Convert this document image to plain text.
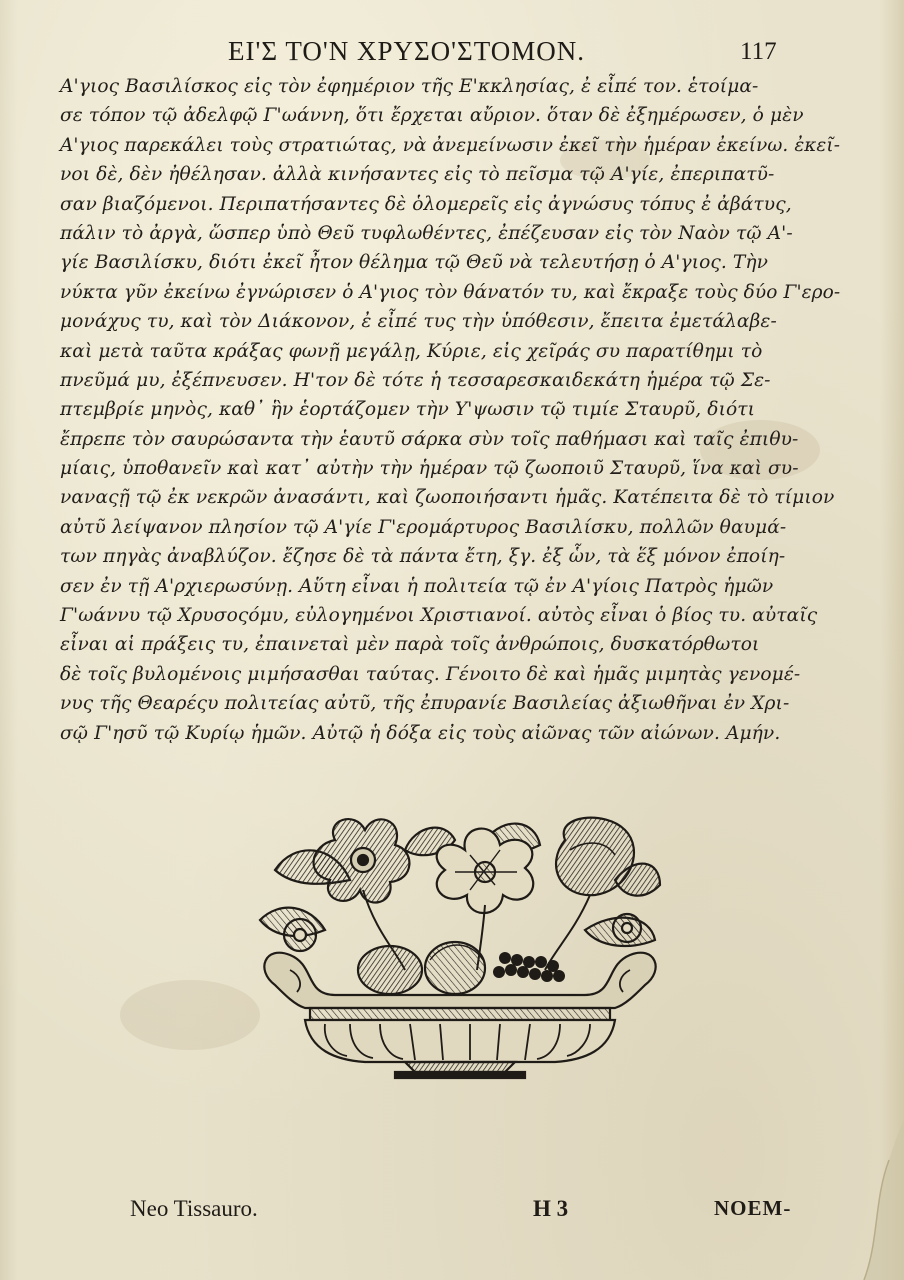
ΕΙ'Σ ΤΟ'Ν ΧΡΥΣΟ'ΣΤΟΜΟΝ.	117
Α'γιος Βασιλίσκος εἰς τὸν ἐφημέριον τῆς Ε'κκλησίας, ἐ εἶπέ τον. ἑτοίμα-
σε τόπον τῷ ἀδελφῷ Γ'ωάννη, ὅτι ἔρχεται αὔριον. ὅταν δὲ ἐξημέρωσεν, ὁ μὲν
Α'γιος παρεκάλει τοὺς στρατιώτας, νὰ ἀνεμείνωσιν ἐκεῖ τὴν ἡμέραν ἐκείνω. ἐκεῖ-
νοι δὲ, δὲν ἠθέλησαν. ἀλλὰ κινήσαντες εἰς τὸ πεῖσμα τῷ Α'γίε, ἐπεριπατῦ-
σαν βιαζόμενοι. Περιπατήσαντες δὲ ὁλομερεῖς εἰς ἀγνώσυς τόπυς ἐ ἀβάτυς,
πάλιν τὸ ἀργὰ, ὥσπερ ὑπὸ Θεῦ τυφλωθέντες, ἐπέζευσαν εἰς τὸν Ναὸν τῷ Α'-
γίε Βασιλίσκυ, διότι ἐκεῖ ἦτον θέλημα τῷ Θεῦ νὰ τελευτήσῃ ὁ Α'γιος. Τὴν
νύκτα γῦν ἐκείνω ἐγνώρισεν ὁ Α'γιος τὸν θάνατόν τυ, καὶ ἔκραξε τοὺς δύο Γ'ερο-
μονάχυς τυ, καὶ τὸν Διάκονον, ἐ εἶπέ τυς τὴν ὑπόθεσιν, ἔπειτα ἐμετάλαβε-
καὶ μετὰ ταῦτα κράξας φωνῇ μεγάλῃ, Κύριε, εἰς χεῖράς συ παρατίθημι τὸ
πνεῦμά μυ, ἐξέπνευσεν. Η'τον δὲ τότε ἡ τεσσαρεσκαιδεκάτη ἡμέρα τῷ Σε-
πτεμβρίε μηνὸς, καθ᾽ ἣν ἑορτάζομεν τὴν Υ'ψωσιν τῷ τιμίε Σταυρῦ, διότι
ἔπρεπε τὸν σαυρώσαντα τὴν ἑαυτῦ σάρκα σὺν τοῖς παθήμασι καὶ ταῖς ἐπιθυ-
μίαις, ὑποθανεῖν καὶ κατ᾽ αὐτὴν τὴν ἡμέραν τῷ ζωοποιῦ Σταυρῦ, ἵνα καὶ συ-
ναναςῇ τῷ ἐκ νεκρῶν ἀνασάντι, καὶ ζωοποιήσαντι ἡμᾶς. Κατέπειτα δὲ τὸ τίμιον
αὐτῦ λείψανον πλησίον τῷ Α'γίε Γ'ερομάρτυρος Βασιλίσκυ, πολλῶν θαυμά-
των πηγὰς ἀναβλύζον. ἔζησε δὲ τὰ πάντα ἔτη, ξγ. ἐξ ὧν, τὰ ἕξ μόνον ἐποίη-
σεν ἐν τῇ Α'ρχιερωσύνῃ. Αὕτη εἶναι ἡ πολιτεία τῷ ἐν Α'γίοις Πατρὸς ἡμῶν
Γ'ωάννυ τῷ Χρυσοςόμυ, εὐλογημένοι Χριστιανοί. αὐτὸς εἶναι ὁ βίος τυ. αὐταῖς
εἶναι αἱ πράξεις τυ, ἐπαινεταὶ μὲν παρὰ τοῖς ἀνθρώποις, δυσκατόρθωτοι
δὲ τοῖς βυλομένοις μιμήσασθαι ταύτας. Γένοιτο δὲ καὶ ἡμᾶς μιμητὰς γενομέ-
νυς τῆς Θεαρέςυ πολιτείας αὐτῦ, τῆς ἐπυρανίε Βασιλείας ἀξιωθῆναι ἐν Χρι-
σῷ Γ'ησῦ τῷ Κυρίῳ ἡμῶν. Αὐτῷ ἡ δόξα εἰς τοὺς αἰῶνας τῶν αἰώνων. Αμήν.
Neo Tissauro.	H 3	NOEM-
